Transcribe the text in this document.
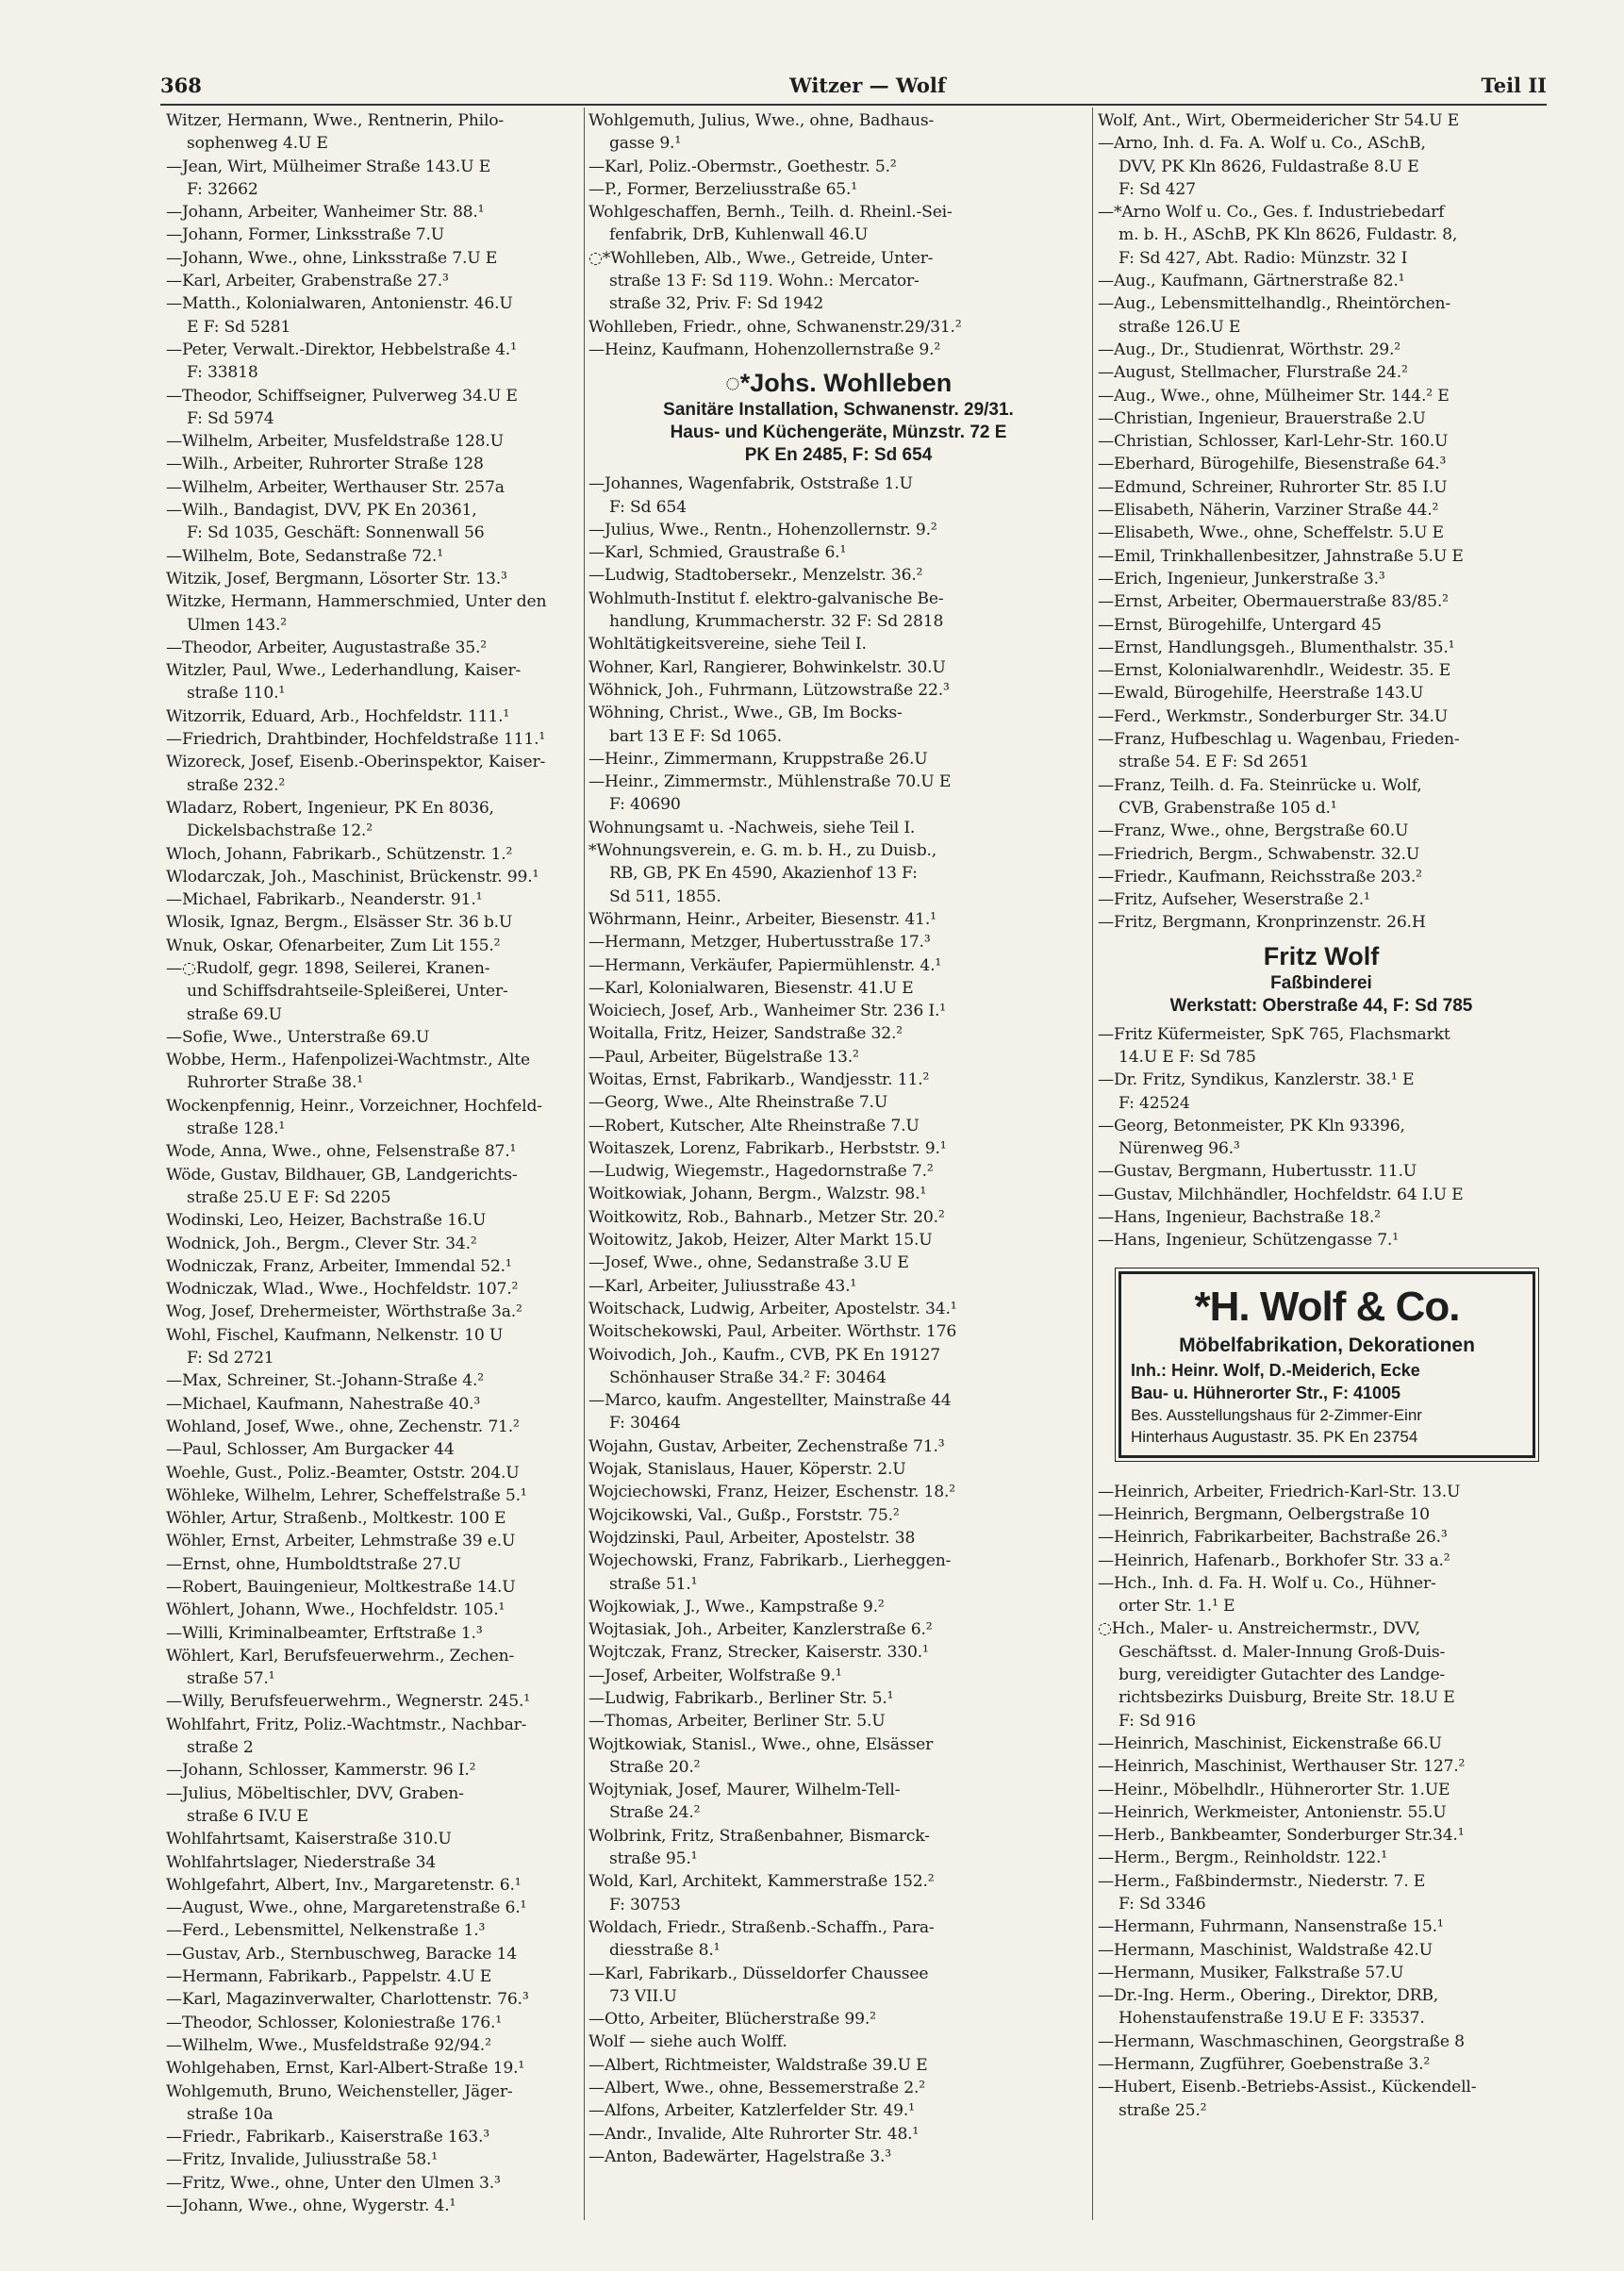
368	Witzer — Wolf	Teil II
Witzer, Hermann, Wwe., Rentnerin, Philo-
sophenweg 4.U E
—Jean, Wirt, Mülheimer Straße 143.U E
F: 32662
—Johann, Arbeiter, Wanheimer Str. 88.¹
—Johann, Former, Linksstraße 7.U
—Johann, Wwe., ohne, Linksstraße 7.U E
—Karl, Arbeiter, Grabenstraße 27.³
—Matth., Kolonialwaren, Antonienstr. 46.U
E F: Sd 5281
—Peter, Verwalt.-Direktor, Hebbelstraße 4.¹
F: 33818
—Theodor, Schiffseigner, Pulverweg 34.U E
F: Sd 5974
—Wilhelm, Arbeiter, Musfeldstraße 128.U
—Wilh., Arbeiter, Ruhrorter Straße 128
—Wilhelm, Arbeiter, Werthauser Str. 257a
—Wilh., Bandagist, DVV, PK En 20361,
F: Sd 1035, Geschäft: Sonnenwall 56
—Wilhelm, Bote, Sedanstraße 72.¹
Witzik, Josef, Bergmann, Lösorter Str. 13.³
Witzke, Hermann, Hammerschmied, Unter den
Ulmen 143.²
—Theodor, Arbeiter, Augustastraße 35.²
Witzler, Paul, Wwe., Lederhandlung, Kaiser-
straße 110.¹
Witzorrik, Eduard, Arb., Hochfeldstr. 111.¹
—Friedrich, Drahtbinder, Hochfeldstraße 111.¹
Wizoreck, Josef, Eisenb.-Oberinspektor, Kaiser-
straße 232.²
Wladarz, Robert, Ingenieur, PK En 8036,
Dickelsbachstraße 12.²
Wloch, Johann, Fabrikarb., Schützenstr. 1.²
Wlodarczak, Joh., Maschinist, Brückenstr. 99.¹
—Michael, Fabrikarb., Neanderstr. 91.¹
Wlosik, Ignaz, Bergm., Elsässer Str. 36 b.U
Wnuk, Oskar, Ofenarbeiter, Zum Lit 155.²
—◌Rudolf, gegr. 1898, Seilerei, Kranen-
und Schiffsdrahtseile-Spleißerei, Unter-
straße 69.U
—Sofie, Wwe., Unterstraße 69.U
Wobbe, Herm., Hafenpolizei-Wachtmstr., Alte
Ruhrorter Straße 38.¹
Wockenpfennig, Heinr., Vorzeichner, Hochfeld-
straße 128.¹
Wode, Anna, Wwe., ohne, Felsenstraße 87.¹
Wöde, Gustav, Bildhauer, GB, Landgerichts-
straße 25.U E F: Sd 2205
Wodinski, Leo, Heizer, Bachstraße 16.U
Wodnick, Joh., Bergm., Clever Str. 34.²
Wodniczak, Franz, Arbeiter, Immendal 52.¹
Wodniczak, Wlad., Wwe., Hochfeldstr. 107.²
Wog, Josef, Drehermeister, Wörthstraße 3a.²
Wohl, Fischel, Kaufmann, Nelkenstr. 10 U
F: Sd 2721
—Max, Schreiner, St.-Johann-Straße 4.²
—Michael, Kaufmann, Nahestraße 40.³
Wohland, Josef, Wwe., ohne, Zechenstr. 71.²
—Paul, Schlosser, Am Burgacker 44
Woehle, Gust., Poliz.-Beamter, Oststr. 204.U
Wöhleke, Wilhelm, Lehrer, Scheffelstraße 5.¹
Wöhler, Artur, Straßenb., Moltkestr. 100 E
Wöhler, Ernst, Arbeiter, Lehmstraße 39 e.U
—Ernst, ohne, Humboldtstraße 27.U
—Robert, Bauingenieur, Moltkestraße 14.U
Wöhlert, Johann, Wwe., Hochfeldstr. 105.¹
—Willi, Kriminalbeamter, Erftstraße 1.³
Wöhlert, Karl, Berufsfeuerwehrm., Zechen-
straße 57.¹
—Willy, Berufsfeuerwehrm., Wegnerstr. 245.¹
Wohlfahrt, Fritz, Poliz.-Wachtmstr., Nachbar-
straße 2
—Johann, Schlosser, Kammerstr. 96 I.²
—Julius, Möbeltischler, DVV, Graben-
straße 6 IV.U E
Wohlfahrtsamt, Kaiserstraße 310.U
Wohlfahrtslager, Niederstraße 34
Wohlgefahrt, Albert, Inv., Margaretenstr. 6.¹
—August, Wwe., ohne, Margaretenstraße 6.¹
—Ferd., Lebensmittel, Nelkenstraße 1.³
—Gustav, Arb., Sternbuschweg, Baracke 14
—Hermann, Fabrikarb., Pappelstr. 4.U E
—Karl, Magazinverwalter, Charlottenstr. 76.³
—Theodor, Schlosser, Koloniestraße 176.¹
—Wilhelm, Wwe., Musfeldstraße 92/94.²
Wohlgehaben, Ernst, Karl-Albert-Straße 19.¹
Wohlgemuth, Bruno, Weichensteller, Jäger-
straße 10a
—Friedr., Fabrikarb., Kaiserstraße 163.³
—Fritz, Invalide, Juliusstraße 58.¹
—Fritz, Wwe., ohne, Unter den Ulmen 3.³
—Johann, Wwe., ohne, Wygerstr. 4.¹
Wohlgemuth, Julius, Wwe., ohne, Badhaus-
gasse 9.¹
—Karl, Poliz.-Obermstr., Goethestr. 5.²
—P., Former, Berzeliusstraße 65.¹
Wohlgeschaffen, Bernh., Teilh. d. Rheinl.-Sei-
fenfabrik, DrB, Kuhlenwall 46.U
◌*Wohlleben, Alb., Wwe., Getreide, Unter-
straße 13 F: Sd 119. Wohn.: Mercator-
straße 32, Priv. F: Sd 1942
Wohlleben, Friedr., ohne, Schwanenstr.29/31.²
—Heinz, Kaufmann, Hohenzollernstraße 9.²
◌*Johs. Wohlleben
Sanitäre Installation, Schwanenstr. 29/31.
Haus- und Küchengeräte, Münzstr. 72 E
PK En 2485, F: Sd 654
—Johannes, Wagenfabrik, Oststraße 1.U
F: Sd 654
—Julius, Wwe., Rentn., Hohenzollernstr. 9.²
—Karl, Schmied, Graustraße 6.¹
—Ludwig, Stadtobersekr., Menzelstr. 36.²
Wohlmuth-Institut f. elektro-galvanische Be-
handlung, Krummacherstr. 32 F: Sd 2818
Wohltätigkeitsvereine, siehe Teil I.
Wohner, Karl, Rangierer, Bohwinkelstr. 30.U
Wöhnick, Joh., Fuhrmann, Lützowstraße 22.³
Wöhning, Christ., Wwe., GB, Im Bocks-
bart 13 E F: Sd 1065.
—Heinr., Zimmermann, Kruppstraße 26.U
—Heinr., Zimmermstr., Mühlenstraße 70.U E
F: 40690
Wohnungsamt u. -Nachweis, siehe Teil I.
*Wohnungsverein, e. G. m. b. H., zu Duisb.,
RB, GB, PK En 4590, Akazienhof 13 F:
Sd 511, 1855.
Wöhrmann, Heinr., Arbeiter, Biesenstr. 41.¹
—Hermann, Metzger, Hubertusstraße 17.³
—Hermann, Verkäufer, Papiermühlenstr. 4.¹
—Karl, Kolonialwaren, Biesenstr. 41.U E
Woiciech, Josef, Arb., Wanheimer Str. 236 I.¹
Woitalla, Fritz, Heizer, Sandstraße 32.²
—Paul, Arbeiter, Bügelstraße 13.²
Woitas, Ernst, Fabrikarb., Wandjesstr. 11.²
—Georg, Wwe., Alte Rheinstraße 7.U
—Robert, Kutscher, Alte Rheinstraße 7.U
Woitaszek, Lorenz, Fabrikarb., Herbststr. 9.¹
—Ludwig, Wiegemstr., Hagedornstraße 7.²
Woitkowiak, Johann, Bergm., Walzstr. 98.¹
Woitkowitz, Rob., Bahnarb., Metzer Str. 20.²
Woitowitz, Jakob, Heizer, Alter Markt 15.U
—Josef, Wwe., ohne, Sedanstraße 3.U E
—Karl, Arbeiter, Juliusstraße 43.¹
Woitschack, Ludwig, Arbeiter, Apostelstr. 34.¹
Woitschekowski, Paul, Arbeiter. Wörthstr. 176
Woivodich, Joh., Kaufm., CVB, PK En 19127
Schönhauser Straße 34.² F: 30464
—Marco, kaufm. Angestellter, Mainstraße 44
F: 30464
Wojahn, Gustav, Arbeiter, Zechenstraße 71.³
Wojak, Stanislaus, Hauer, Köperstr. 2.U
Wojciechowski, Franz, Heizer, Eschenstr. 18.²
Wojcikowski, Val., Gußp., Forststr. 75.²
Wojdzinski, Paul, Arbeiter, Apostelstr. 38
Wojechowski, Franz, Fabrikarb., Lierheggen-
straße 51.¹
Wojkowiak, J., Wwe., Kampstraße 9.²
Wojtasiak, Joh., Arbeiter, Kanzlerstraße 6.²
Wojtczak, Franz, Strecker, Kaiserstr. 330.¹
—Josef, Arbeiter, Wolfstraße 9.¹
—Ludwig, Fabrikarb., Berliner Str. 5.¹
—Thomas, Arbeiter, Berliner Str. 5.U
Wojtkowiak, Stanisl., Wwe., ohne, Elsässer
Straße 20.²
Wojtyniak, Josef, Maurer, Wilhelm-Tell-
Straße 24.²
Wolbrink, Fritz, Straßenbahner, Bismarck-
straße 95.¹
Wold, Karl, Architekt, Kammerstraße 152.²
F: 30753
Woldach, Friedr., Straßenb.-Schaffn., Para-
diesstraße 8.¹
—Karl, Fabrikarb., Düsseldorfer Chaussee
73 VII.U
—Otto, Arbeiter, Blücherstraße 99.²
Wolf — siehe auch Wolff.
—Albert, Richtmeister, Waldstraße 39.U E
—Albert, Wwe., ohne, Bessemerstraße 2.²
—Alfons, Arbeiter, Katzlerfelder Str. 49.¹
—Andr., Invalide, Alte Ruhrorter Str. 48.¹
—Anton, Badewärter, Hagelstraße 3.³
Wolf, Ant., Wirt, Obermeidericher Str 54.U E
—Arno, Inh. d. Fa. A. Wolf u. Co., ASchB,
DVV, PK Kln 8626, Fuldastraße 8.U E
F: Sd 427
—*Arno Wolf u. Co., Ges. f. Industriebedarf
m. b. H., ASchB, PK Kln 8626, Fuldastr. 8,
F: Sd 427, Abt. Radio: Münzstr. 32 I
—Aug., Kaufmann, Gärtnerstraße 82.¹
—Aug., Lebensmittelhandlg., Rheintörchen-
straße 126.U E
—Aug., Dr., Studienrat, Wörthstr. 29.²
—August, Stellmacher, Flurstraße 24.²
—Aug., Wwe., ohne, Mülheimer Str. 144.² E
—Christian, Ingenieur, Brauerstraße 2.U
—Christian, Schlosser, Karl-Lehr-Str. 160.U
—Eberhard, Bürogehilfe, Biesenstraße 64.³
—Edmund, Schreiner, Ruhrorter Str. 85 I.U
—Elisabeth, Näherin, Varziner Straße 44.²
—Elisabeth, Wwe., ohne, Scheffelstr. 5.U E
—Emil, Trinkhallenbesitzer, Jahnstraße 5.U E
—Erich, Ingenieur, Junkerstraße 3.³
—Ernst, Arbeiter, Obermauerstraße 83/85.²
—Ernst, Bürogehilfe, Untergard 45
—Ernst, Handlungsgeh., Blumenthalstr. 35.¹
—Ernst, Kolonialwarenhdlr., Weidestr. 35. E
—Ewald, Bürogehilfe, Heerstraße 143.U
—Ferd., Werkmstr., Sonderburger Str. 34.U
—Franz, Hufbeschlag u. Wagenbau, Frieden-
straße 54. E F: Sd 2651
—Franz, Teilh. d. Fa. Steinrücke u. Wolf,
CVB, Grabenstraße 105 d.¹
—Franz, Wwe., ohne, Bergstraße 60.U
—Friedrich, Bergm., Schwabenstr. 32.U
—Friedr., Kaufmann, Reichsstraße 203.²
—Fritz, Aufseher, Weserstraße 2.¹
—Fritz, Bergmann, Kronprinzenstr. 26.H
Fritz Wolf
Faßbinderei
Werkstatt: Oberstraße 44, F: Sd 785
—Fritz Küfermeister, SpK 765, Flachsmarkt
14.U E F: Sd 785
—Dr. Fritz, Syndikus, Kanzlerstr. 38.¹ E
F: 42524
—Georg, Betonmeister, PK Kln 93396,
Nürenweg 96.³
—Gustav, Bergmann, Hubertusstr. 11.U
—Gustav, Milchhändler, Hochfeldstr. 64 I.U E
—Hans, Ingenieur, Bachstraße 18.²
—Hans, Ingenieur, Schützengasse 7.¹
*H. Wolf & Co.
Möbelfabrikation, Dekorationen
Inh.: Heinr. Wolf, D.-Meiderich, Ecke
Bau- u. Hühnerorter Str., F: 41005
Bes. Ausstellungshaus für 2-Zimmer-Einr
Hinterhaus Augustastr. 35. PK En 23754
—Heinrich, Arbeiter, Friedrich-Karl-Str. 13.U
—Heinrich, Bergmann, Oelbergstraße 10
—Heinrich, Fabrikarbeiter, Bachstraße 26.³
—Heinrich, Hafenarb., Borkhofer Str. 33 a.²
—Hch., Inh. d. Fa. H. Wolf u. Co., Hühner-
orter Str. 1.¹ E
◌Hch., Maler- u. Anstreichermstr., DVV,
Geschäftsst. d. Maler-Innung Groß-Duis-
burg, vereidigter Gutachter des Landge-
richtsbezirks Duisburg, Breite Str. 18.U E
F: Sd 916
—Heinrich, Maschinist, Eickenstraße 66.U
—Heinrich, Maschinist, Werthauser Str. 127.²
—Heinr., Möbelhdlr., Hühnerorter Str. 1.UE
—Heinrich, Werkmeister, Antonienstr. 55.U
—Herb., Bankbeamter, Sonderburger Str.34.¹
—Herm., Bergm., Reinholdstr. 122.¹
—Herm., Faßbindermstr., Niederstr. 7. E
F: Sd 3346
—Hermann, Fuhrmann, Nansenstraße 15.¹
—Hermann, Maschinist, Waldstraße 42.U
—Hermann, Musiker, Falkstraße 57.U
—Dr.-Ing. Herm., Obering., Direktor, DRB,
Hohenstaufenstraße 19.U E F: 33537.
—Hermann, Waschmaschinen, Georgstraße 8
—Hermann, Zugführer, Goebenstraße 3.²
—Hubert, Eisenb.-Betriebs-Assist., Kückendell-
straße 25.²
